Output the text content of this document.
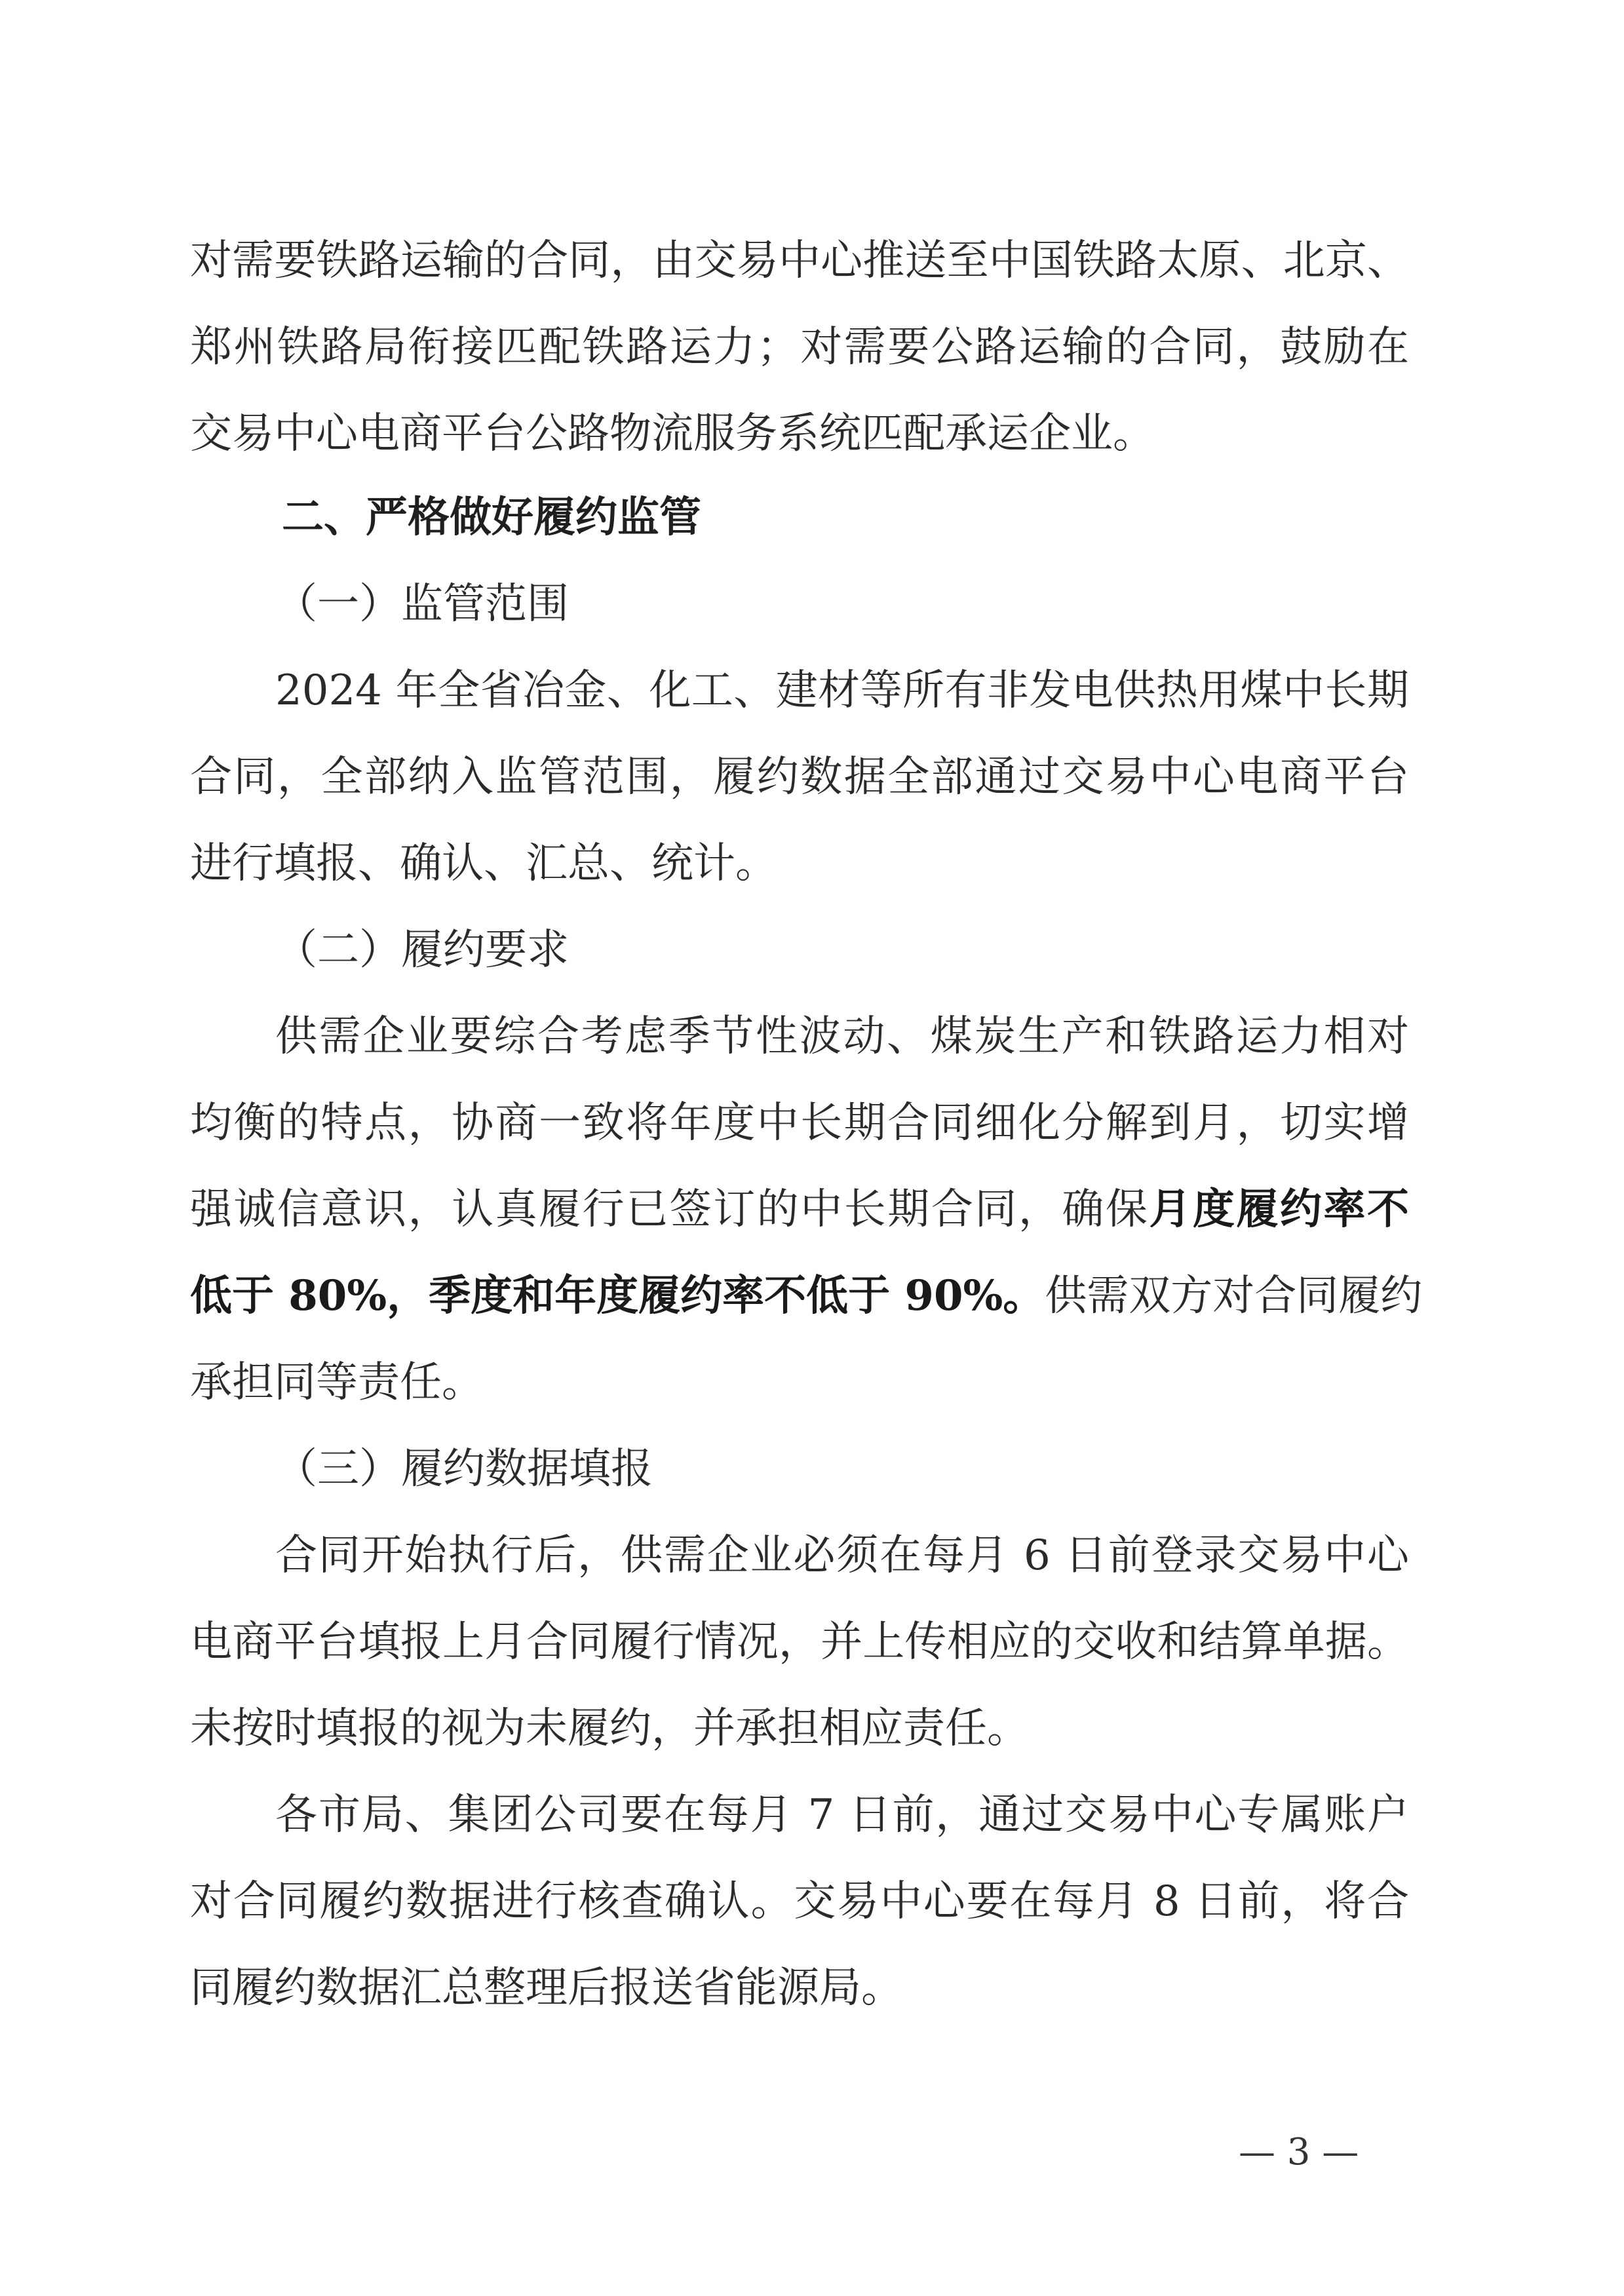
对需要铁路运输的合同，由交易中心推送至中国铁路太原、北京、
郑州铁路局衔接匹配铁路运力；对需要公路运输的合同，鼓励在
交易中心电商平台公路物流服务系统匹配承运企业。
二、严格做好履约监管
（一）监管范围
2024 年全省冶金、化工、建材等所有非发电供热用煤中长期
合同，全部纳入监管范围，履约数据全部通过交易中心电商平台
进行填报、确认、汇总、统计。
（二）履约要求
供需企业要综合考虑季节性波动、煤炭生产和铁路运力相对
均衡的特点，协商一致将年度中长期合同细化分解到月，切实增
强诚信意识，认真履行已签订的中长期合同，确保月度履约率不
低于 80%，季度和年度履约率不低于 90%。供需双方对合同履约
承担同等责任。
（三）履约数据填报
合同开始执行后，供需企业必须在每月 6 日前登录交易中心
电商平台填报上月合同履行情况，并上传相应的交收和结算单据。
未按时填报的视为未履约，并承担相应责任。
各市局、集团公司要在每月 7 日前，通过交易中心专属账户
对合同履约数据进行核查确认。交易中心要在每月 8 日前，将合
同履约数据汇总整理后报送省能源局。
— 3 —
